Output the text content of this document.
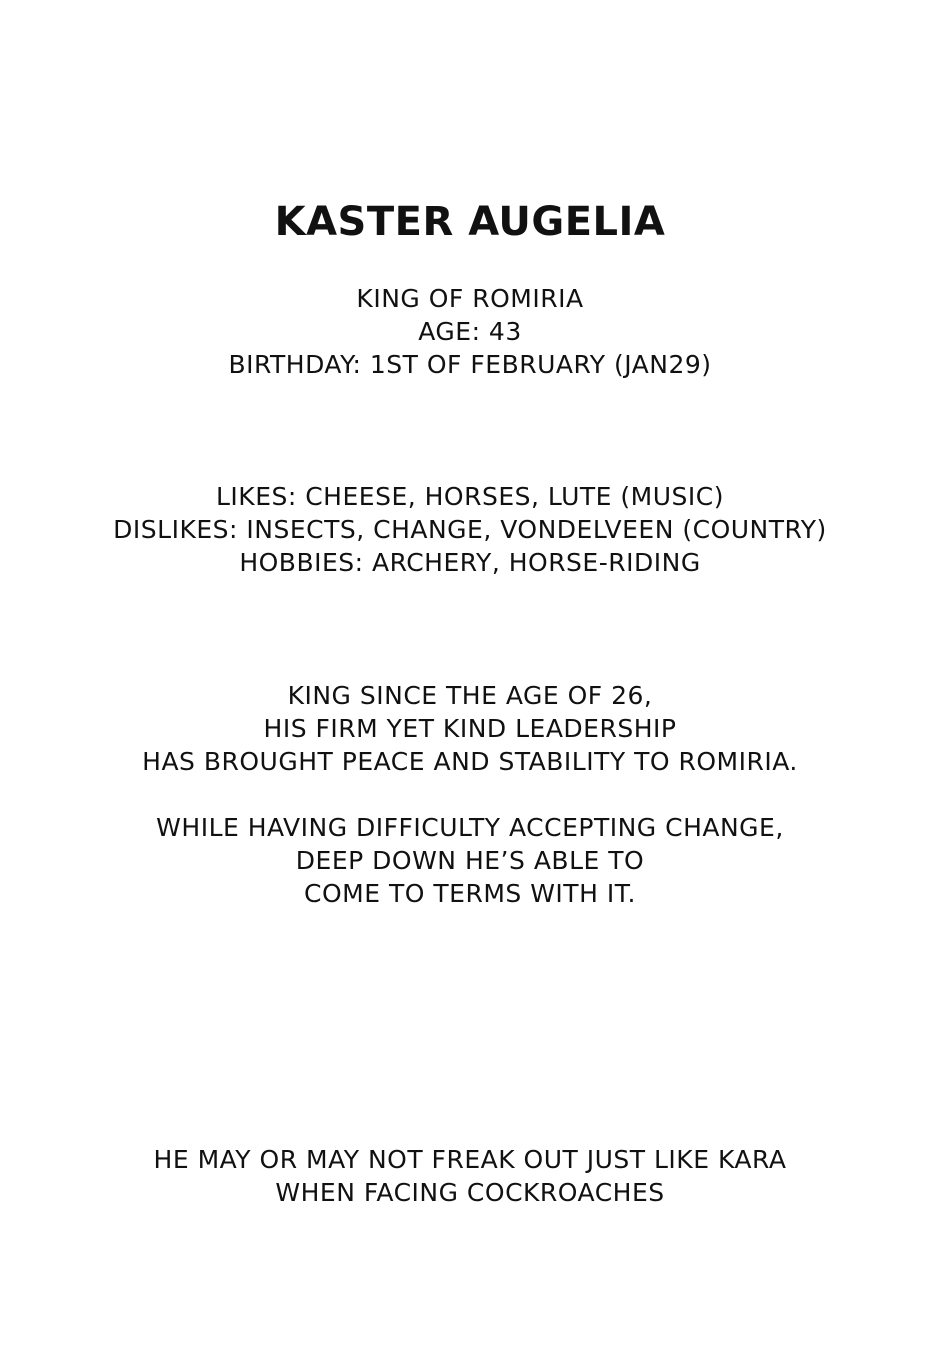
KASTER AUGELIA
KING OF ROMIRIA
AGE: 43
BIRTHDAY: 1ST OF FEBRUARY (JAN29)
LIKES: CHEESE, HORSES, LUTE (MUSIC)
DISLIKES: INSECTS, CHANGE, VONDELVEEN (COUNTRY)
HOBBIES: ARCHERY, HORSE-RIDING
KING SINCE THE AGE OF 26,
HIS FIRM YET KIND LEADERSHIP
HAS BROUGHT PEACE AND STABILITY TO ROMIRIA.
WHILE HAVING DIFFICULTY ACCEPTING CHANGE,
DEEP DOWN HE’S ABLE TO
COME TO TERMS WITH IT.
HE MAY OR MAY NOT FREAK OUT JUST LIKE KARA
WHEN FACING COCKROACHES
